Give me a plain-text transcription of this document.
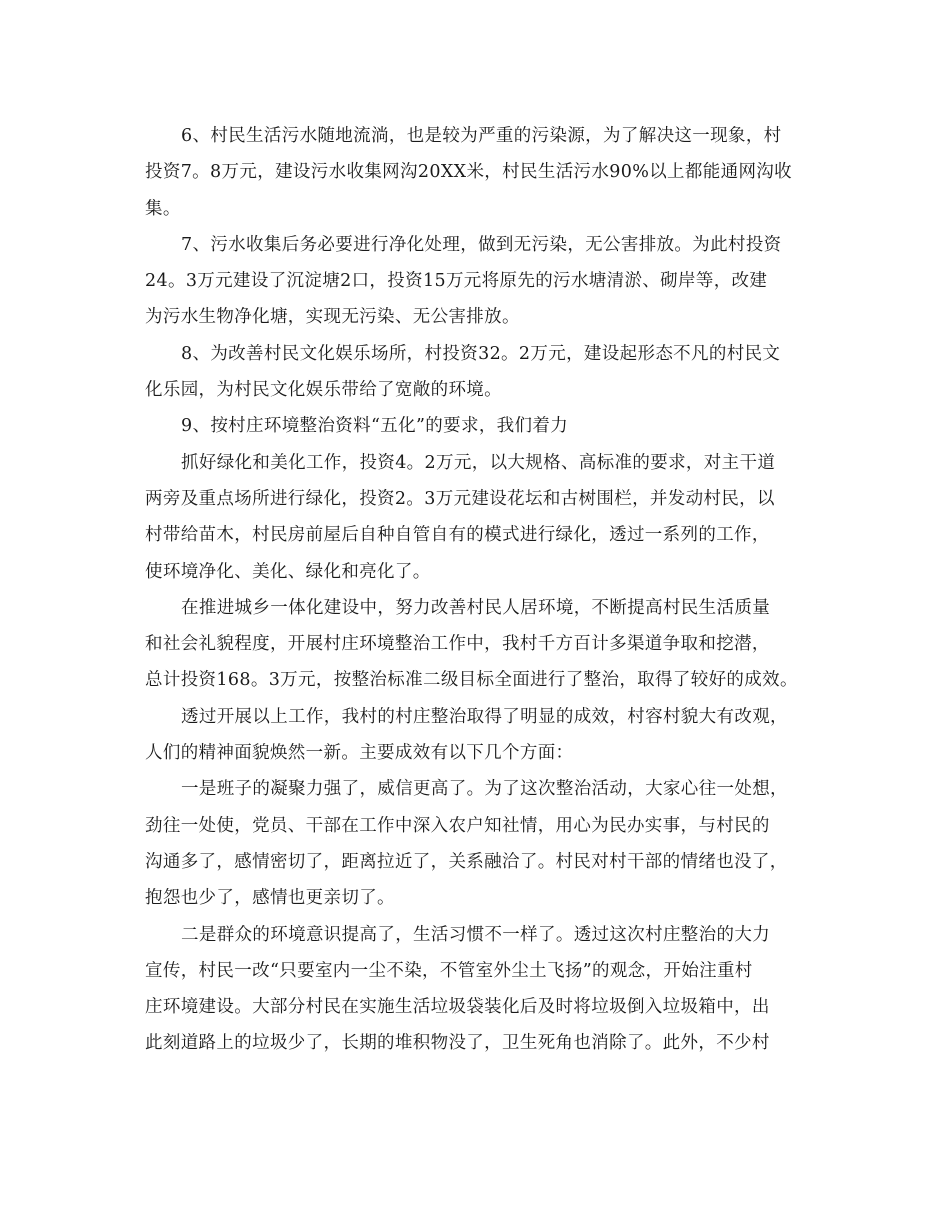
6、村民生活污水随地流淌，也是较为严重的污染源，为了解决这一现象，村
投资7。8万元，建设污水收集网沟20XX米，村民生活污水90%以上都能通网沟收
集。
7、污水收集后务必要进行净化处理，做到无污染，无公害排放。为此村投资
24。3万元建设了沉淀塘2口，投资15万元将原先的污水塘清淤、砌岸等，改建
为污水生物净化塘，实现无污染、无公害排放。
8、为改善村民文化娱乐场所，村投资32。2万元，建设起形态不凡的村民文
化乐园，为村民文化娱乐带给了宽敞的环境。
9、按村庄环境整治资料“五化”的要求，我们着力
抓好绿化和美化工作，投资4。2万元，以大规格、高标准的要求，对主干道
两旁及重点场所进行绿化，投资2。3万元建设花坛和古树围栏，并发动村民，以
村带给苗木，村民房前屋后自种自管自有的模式进行绿化，透过一系列的工作，
使环境净化、美化、绿化和亮化了。
在推进城乡一体化建设中，努力改善村民人居环境，不断提高村民生活质量
和社会礼貌程度，开展村庄环境整治工作中，我村千方百计多渠道争取和挖潜，
总计投资168。3万元，按整治标准二级目标全面进行了整治，取得了较好的成效。
透过开展以上工作，我村的村庄整治取得了明显的成效，村容村貌大有改观，
人们的精神面貌焕然一新。主要成效有以下几个方面：
一是班子的凝聚力强了，威信更高了。为了这次整治活动，大家心往一处想，
劲往一处使，党员、干部在工作中深入农户知社情，用心为民办实事，与村民的
沟通多了，感情密切了，距离拉近了，关系融洽了。村民对村干部的情绪也没了，
抱怨也少了，感情也更亲切了。
二是群众的环境意识提高了，生活习惯不一样了。透过这次村庄整治的大力
宣传，村民一改“只要室内一尘不染，不管室外尘土飞扬”的观念，开始注重村
庄环境建设。大部分村民在实施生活垃圾袋装化后及时将垃圾倒入垃圾箱中，出
此刻道路上的垃圾少了，长期的堆积物没了，卫生死角也消除了。此外，不少村
